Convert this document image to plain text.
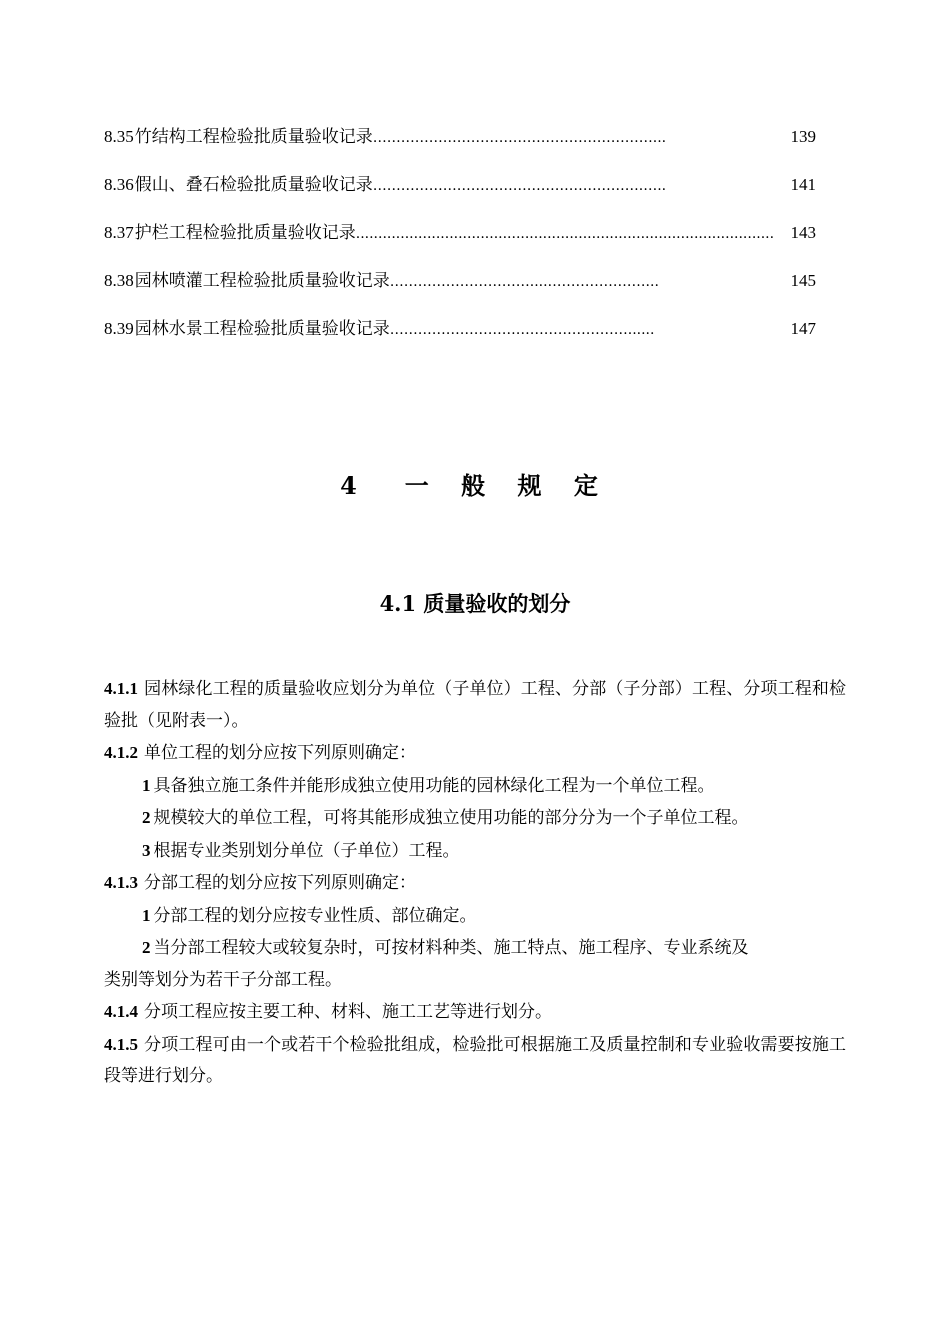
8.35 竹结构工程检验批质量验收记录 ……………………………………………………...	139
8.36 假山、叠石检验批质量验收记录 ………………………………………………….…..	141
8.37 护栏工程检验批质量验收记录 .............................................................................................. 143
8.38 园林喷灌工程检验批质量验收记录 …………………………....…………………...	145
8.39 园林水景工程检验批质量验收记录 ……………………………………………......	147
4　一 般 规 定
4.1 质量验收的划分

4.1.1 园林绿化工程的质量验收应划分为单位（子单位）工程、分部（子分部）工程、分项工程和检验批（见附表一）。

4.1.2 单位工程的划分应按下列原则确定：

1 具备独立施工条件并能形成独立使用功能的园林绿化工程为一个单位工程。

2 规模较大的单位工程，可将其能形成独立使用功能的部分分为一个子单位工程。

3 根据专业类别划分单位（子单位）工程。

4.1.3 分部工程的划分应按下列原则确定：

1 分部工程的划分应按专业性质、部位确定。

2 当分部工程较大或较复杂时，可按材料种类、施工特点、施工程序、专业系统及

类别等划分为若干子分部工程。

4.1.4 分项工程应按主要工种、材料、施工工艺等进行划分。

4.1.5 分项工程可由一个或若干个检验批组成，检验批可根据施工及质量控制和专业验收需要按施工段等进行划分。
